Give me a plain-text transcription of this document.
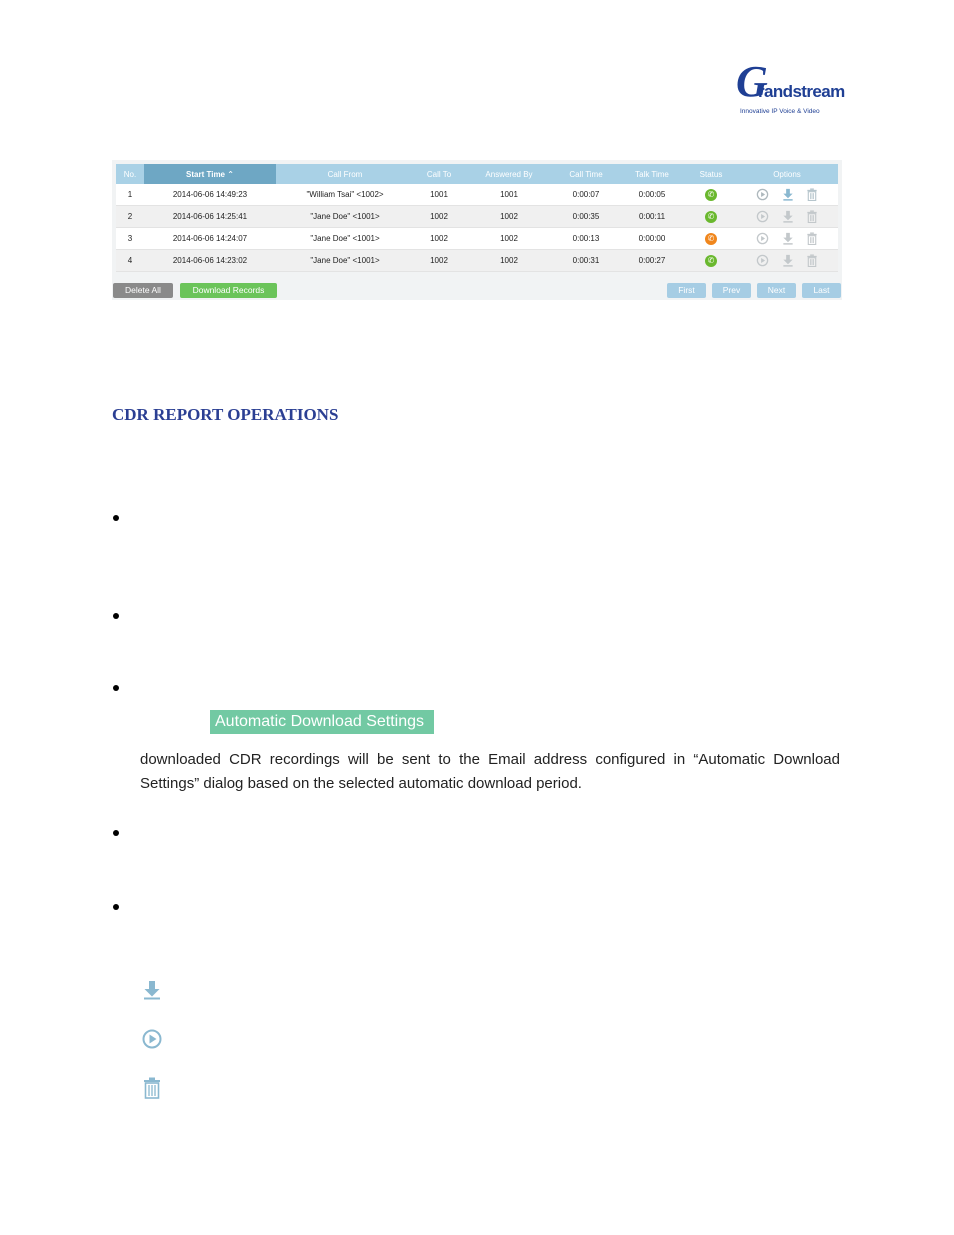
G
randstream
Innovative IP Voice & Video
No.	Start Time ⌃	Call From	Call To	Answered By	Call Time	Talk Time	Status	Options
1	2014-06-06 14:49:23	"William Tsai" <1002>	1001	1001	0:00:07	0:00:05	✆	
2	2014-06-06 14:25:41	"Jane Doe" <1001>	1002	1002	0:00:35	0:00:11	✆	
3	2014-06-06 14:24:07	"Jane Doe" <1001>	1002	1002	0:00:13	0:00:00	✆	
4	2014-06-06 14:23:02	"Jane Doe" <1001>	1002	1002	0:00:31	0:00:27	✆	
Delete All	Download Records	First	Prev	Next	Last
CDR REPORT OPERATIONS
Automatic Download Settings
downloaded CDR recordings will be sent to the Email address configured in “Automatic Download Settings” dialog based on the selected automatic download period.
